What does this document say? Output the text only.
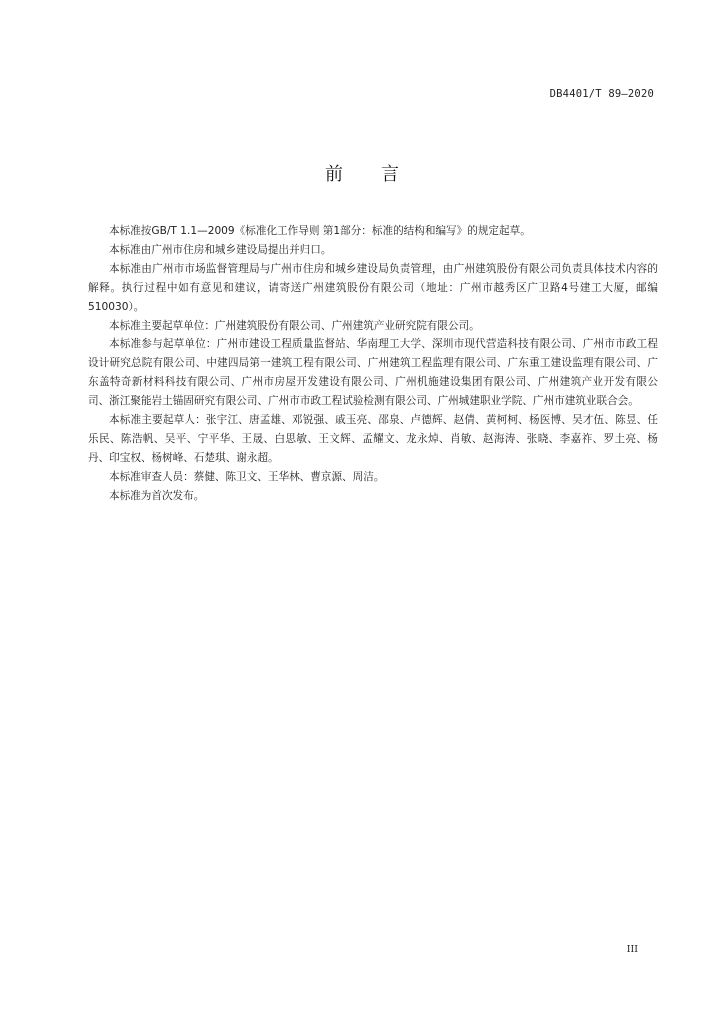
DB4401/T 89—2020
前言

本标准按GB/T 1.1—2009《标准化工作导则 第1部分：标准的结构和编写》的规定起草。

本标准由广州市住房和城乡建设局提出并归口。

本标准由广州市市场监督管理局与广州市住房和城乡建设局负责管理，由广州建筑股份有限公司负责具体技术内容的解释。执行过程中如有意见和建议，请寄送广州建筑股份有限公司（地址：广州市越秀区广卫路4号建工大厦，邮编510030）。

本标准主要起草单位：广州建筑股份有限公司、广州建筑产业研究院有限公司。

本标准参与起草单位：广州市建设工程质量监督站、华南理工大学、深圳市现代营造科技有限公司、广州市市政工程设计研究总院有限公司、中建四局第一建筑工程有限公司、广州建筑工程监理有限公司、广东重工建设监理有限公司、广东盖特奇新材料科技有限公司、广州市房屋开发建设有限公司、广州机施建设集团有限公司、广州建筑产业开发有限公司、浙江聚能岩土锚固研究有限公司、广州市市政工程试验检测有限公司、广州城建职业学院、广州市建筑业联合会。

本标准主要起草人：张宇江、唐孟雄、邓锐强、戚玉亮、邵泉、卢德辉、赵倩、黄柯柯、杨医博、吴才伍、陈昱、任乐民、陈浩帆、吴平、宁平华、王晟、白思敏、王文辉、孟耀文、龙永焯、肖敏、赵海涛、张晓、李嘉祚、罗土亮、杨丹、印宝权、杨树峰、石楚琪、谢永超。

本标准审查人员：蔡健、陈卫文、王华林、曹京源、周洁。

本标准为首次发布。

III
